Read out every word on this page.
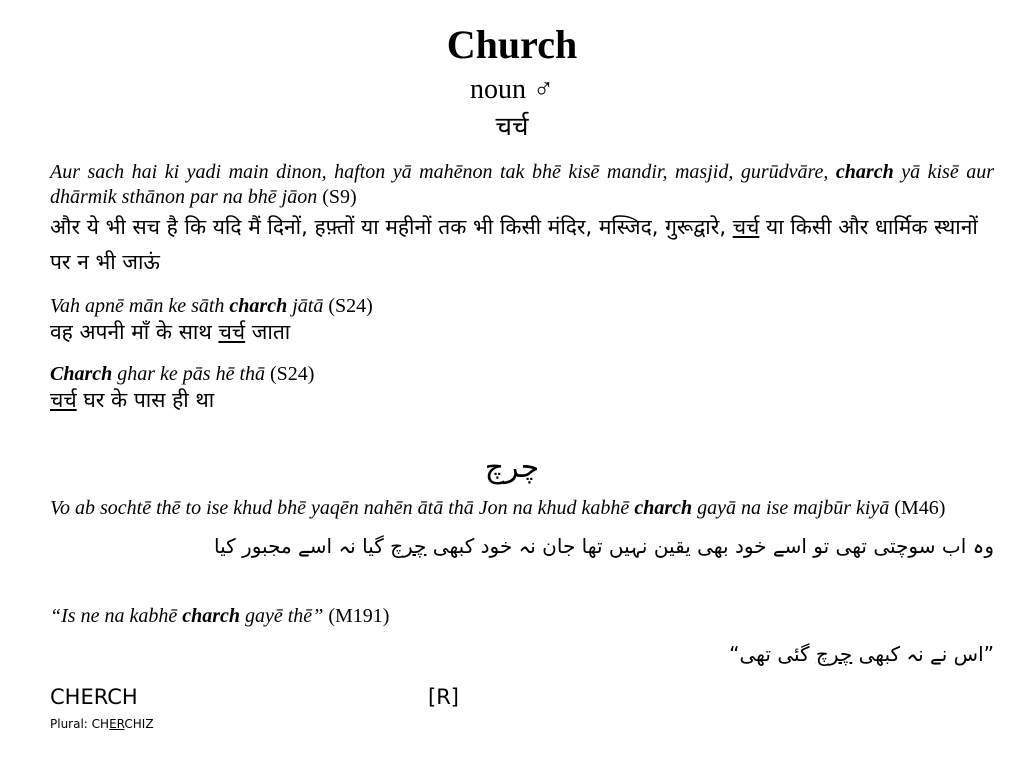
Church
noun ♂
चर्च
Aur sach hai ki yadi main dinon, hafton yā mahēnon tak bhē kisē mandir, masjid, gurūdvāre, charch yā kisē aur dhārmik sthānon par na bhē jāon (S9)
और ये भी सच है कि यदि मैं दिनों, हफ़्तों या महीनों तक भी किसी मंदिर, मस्जिद, गुरूद्वारे, चर्च या किसी और धार्मिक स्थानों पर न भी जाऊं
Vah apnē mān ke sāth charch jātā (S24)
वह अपनी माँ के साथ चर्च जाता
Charch ghar ke pās hē thā (S24)
चर्च घर के पास ही था
چرچ
Vo ab sochtē thē to ise khud bhē yaqēn nahēn ātā thā Jon na khud kabhē charch gayā na ise majbūr kiyā (M46)
وہ اب سوچتی تھی تو اسے خود بھی یقین نہیں تھا جان نہ خود کبھی چرچ گیا نہ اسے مجبور کیا
“Is ne na kabhē charch gayē thē” (M191)
”اس نے نہ کبھی چرچ گئی تھی“
CHERCH	[R]
Plural: CHERCHIZ
